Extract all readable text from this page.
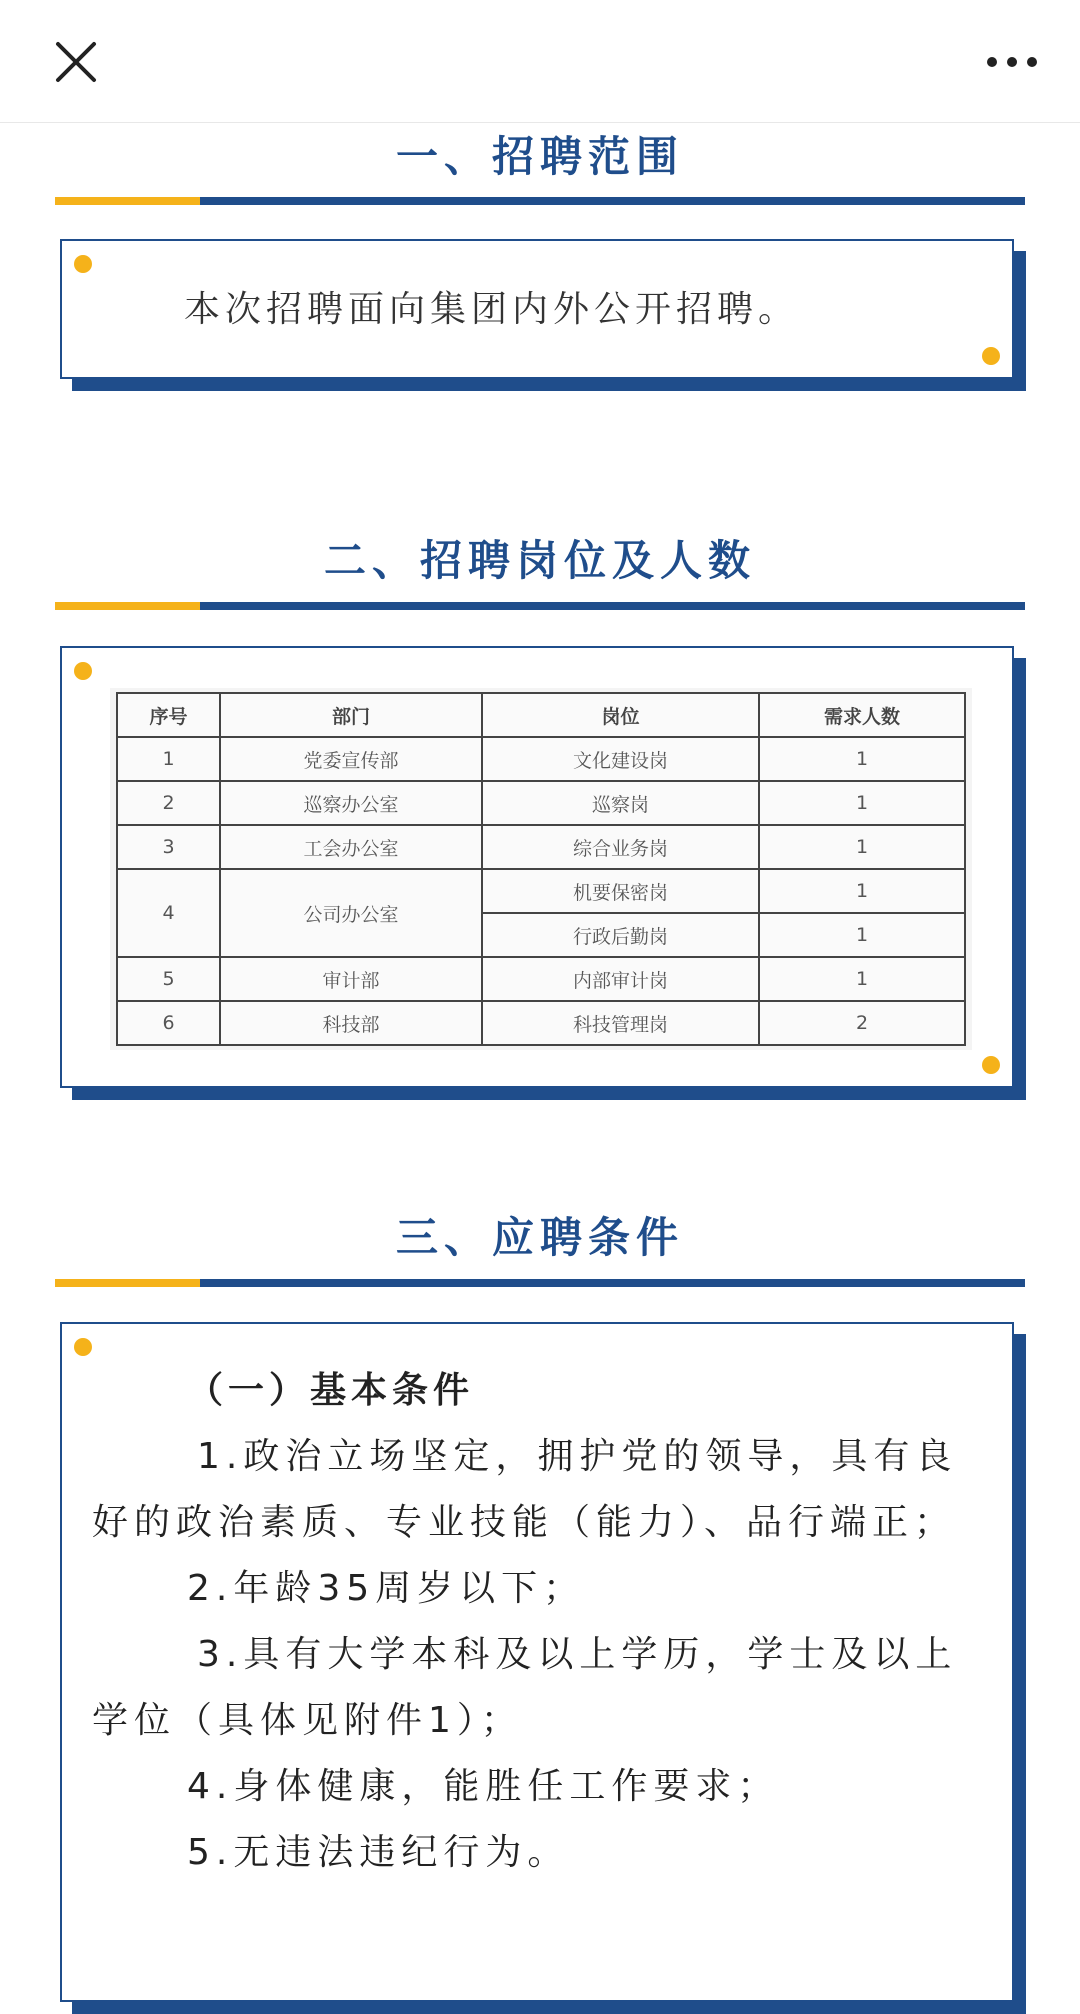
一、招聘范围
本次招聘面向集团内外公开招聘。
二、招聘岗位及人数
序号	部门	岗位	需求人数
1	党委宣传部	文化建设岗	1
2	巡察办公室	巡察岗	1
3	工会办公室	综合业务岗	1
4	公司办公室	机要保密岗	1
		行政后勤岗	1
5	审计部	内部审计岗	1
6	科技部	科技管理岗	2
三、应聘条件

（一）基本条件

1.政治立场坚定，拥护党的领导，具有良好的政治素质、专业技能（能力）、品行端正；

2.年龄35周岁以下；

3.具有大学本科及以上学历，学士及以上学位（具体见附件1）；

4.身体健康，能胜任工作要求；

5.无违法违纪行为。
